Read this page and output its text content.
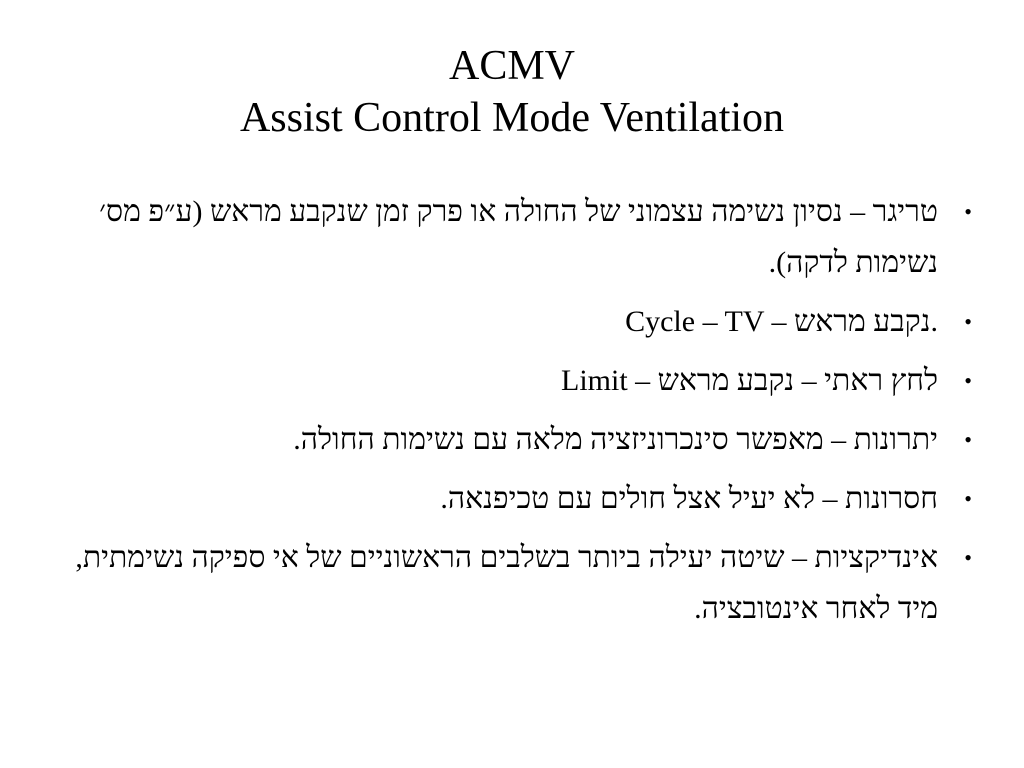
ACMV
Assist Control Mode Ventilation
•
טריגר – נסיון נשימה עצמוני של החולה או פרק זמן שנקבע מראש (ע״פ מס׳ נשימות לדקה).
•
Cycle – TV – נקבע מראש.
•
Limit – לחץ ראתי – נקבע מראש
•
יתרונות – מאפשר סינכרוניזציה מלאה עם נשימות החולה.
•
חסרונות – לא יעיל אצל חולים עם טכיפנאה.
•
אינדיקציות – שיטה יעילה ביותר בשלבים הראשוניים של אי ספיקה נשימתית, מיד לאחר אינטובציה.
